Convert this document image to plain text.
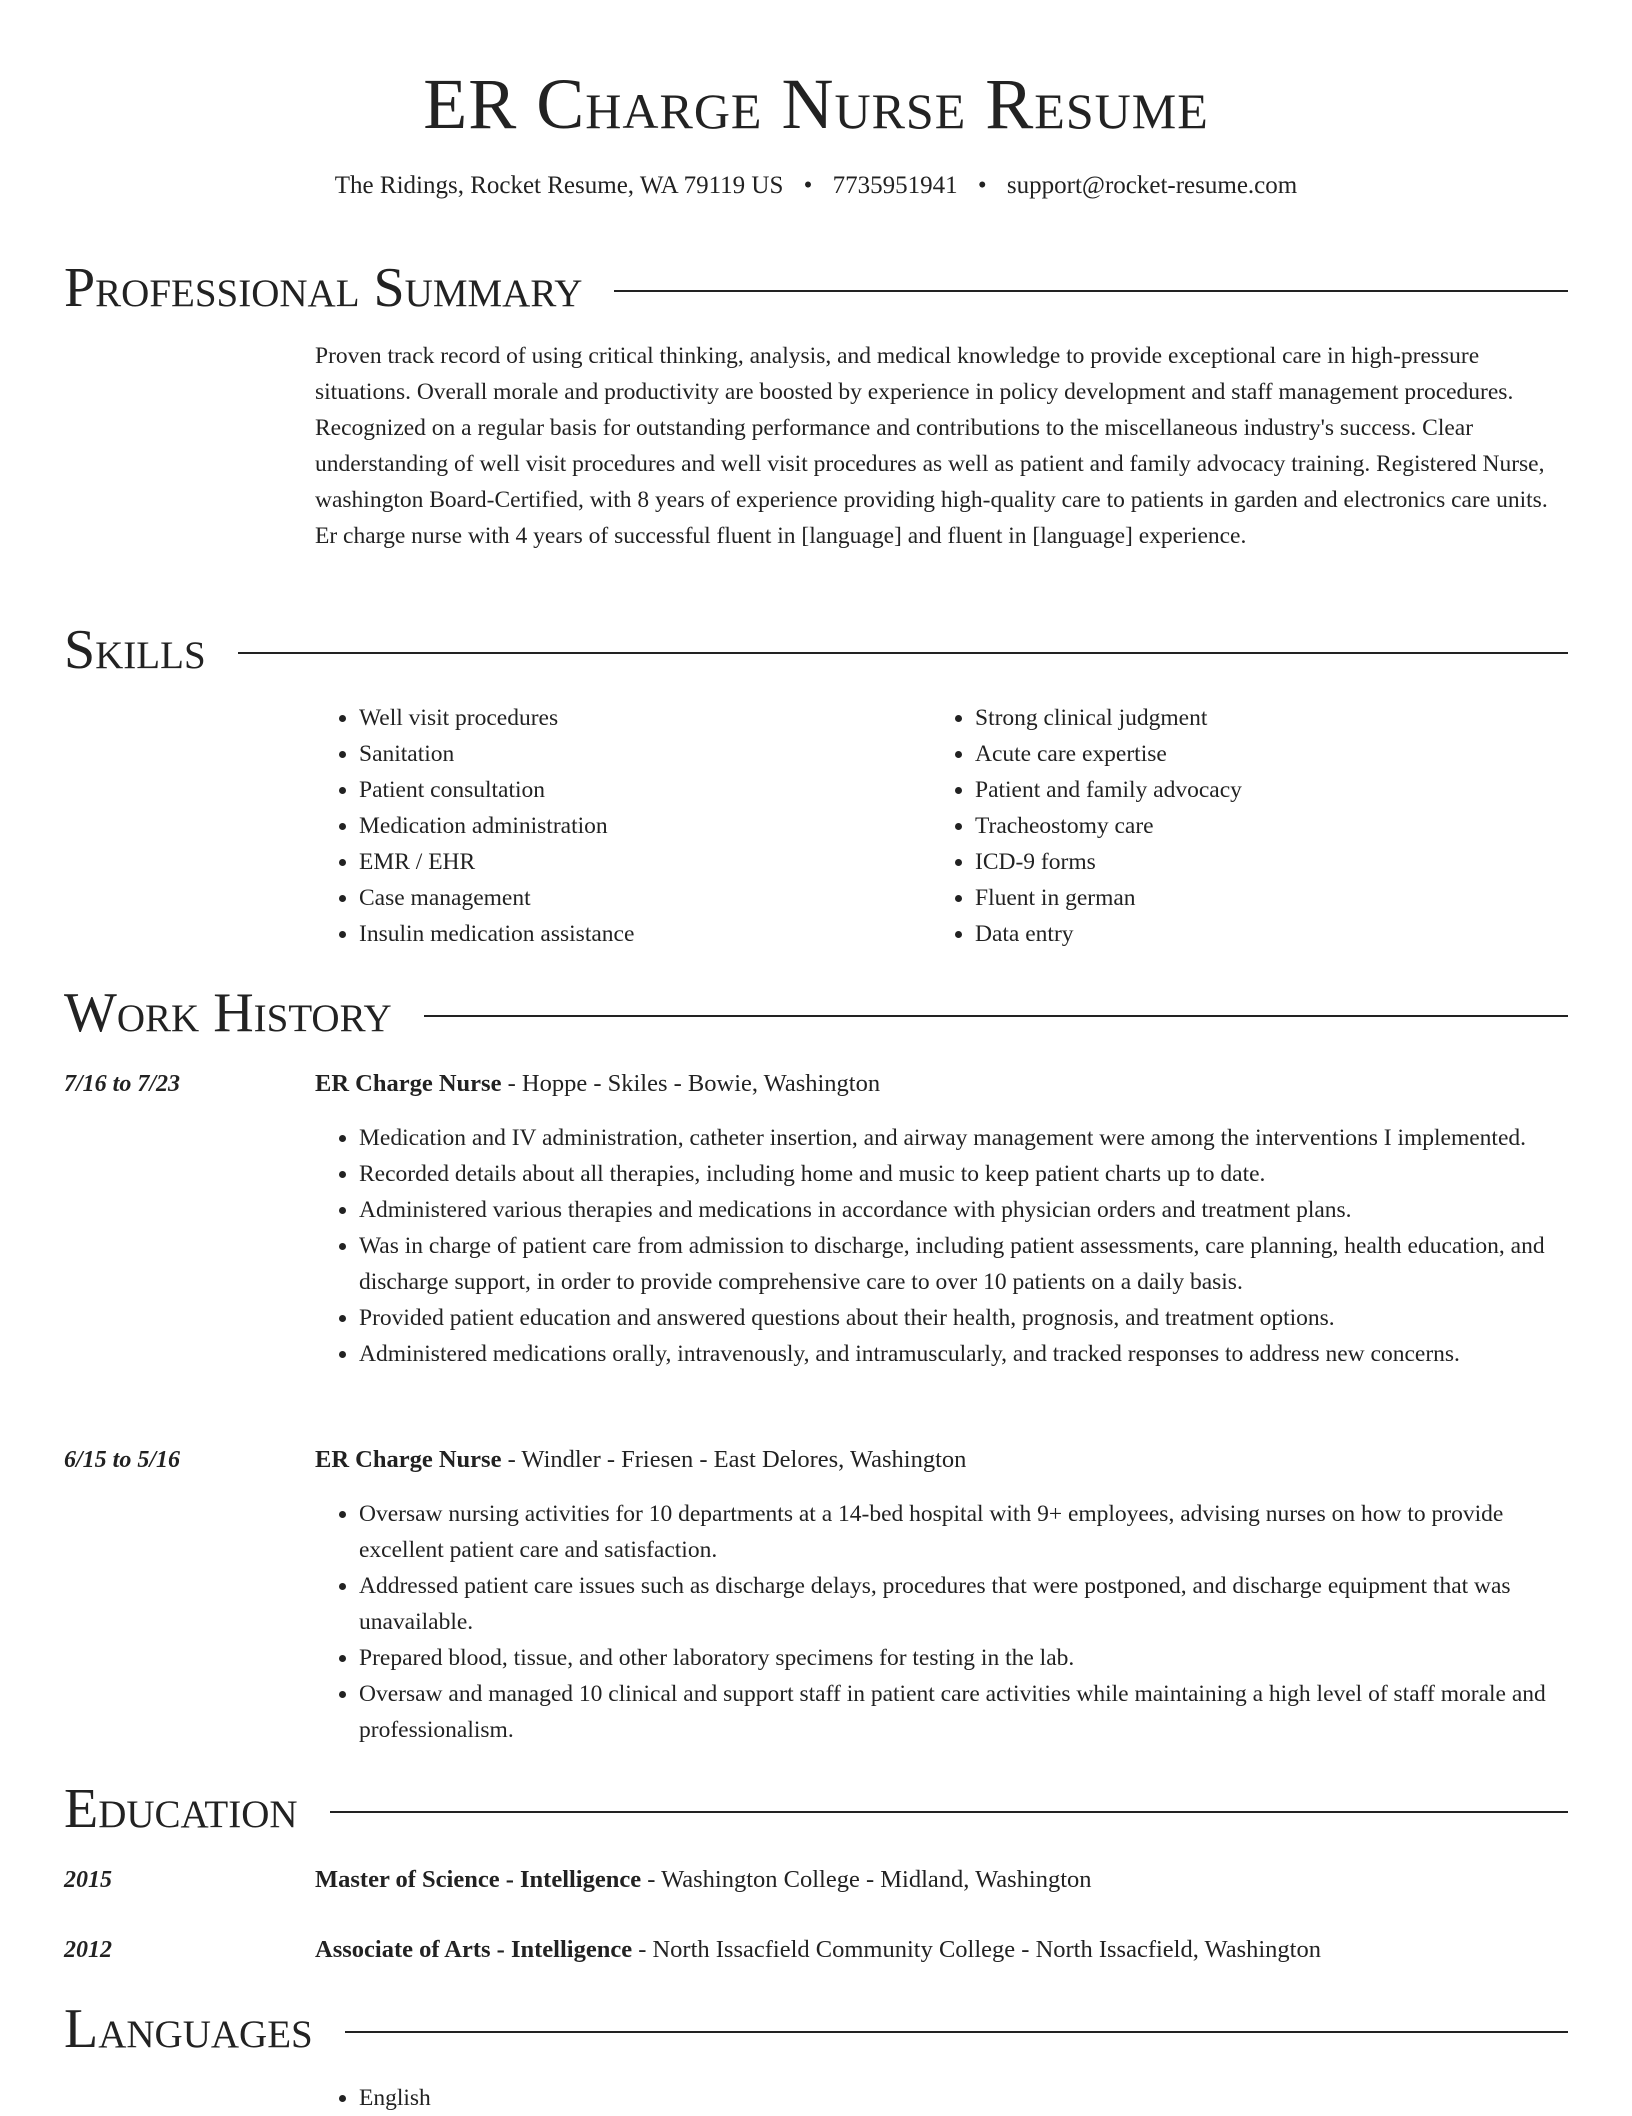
ER Charge Nurse Resume
The Ridings, Rocket Resume, WA 79119 US • 7735951941 • support@rocket-resume.com
Professional Summary

Proven track record of using critical thinking, analysis, and medical knowledge to provide exceptional care in high-pressure situations. Overall morale and productivity are boosted by experience in policy development and staff management procedures. Recognized on a regular basis for outstanding performance and contributions to the miscellaneous industry's success. Clear understanding of well visit procedures and well visit procedures as well as patient and family advocacy training. Registered Nurse, washington Board-Certified, with 8 years of experience providing high-quality care to patients in garden and electronics care units. Er charge nurse with 4 years of successful fluent in [language] and fluent in [language] experience.

Skills
• Well visit procedures
• Sanitation
• Patient consultation
• Medication administration
• EMR / EHR
• Case management
• Insulin medication assistance
• Strong clinical judgment
• Acute care expertise
• Patient and family advocacy
• Tracheostomy care
• ICD-9 forms
• Fluent in german
• Data entry
Work History
7/16 to 7/23	ER Charge Nurse - Hoppe - Skiles - Bowie, Washington
• Medication and IV administration, catheter insertion, and airway management were among the interventions I implemented.
• Recorded details about all therapies, including home and music to keep patient charts up to date.
• Administered various therapies and medications in accordance with physician orders and treatment plans.
• Was in charge of patient care from admission to discharge, including patient assessments, care planning, health education, and discharge support, in order to provide comprehensive care to over 10 patients on a daily basis.
• Provided patient education and answered questions about their health, prognosis, and treatment options.
• Administered medications orally, intravenously, and intramuscularly, and tracked responses to address new concerns.
6/15 to 5/16	ER Charge Nurse - Windler - Friesen - East Delores, Washington
• Oversaw nursing activities for 10 departments at a 14-bed hospital with 9+ employees, advising nurses on how to provide excellent patient care and satisfaction.
• Addressed patient care issues such as discharge delays, procedures that were postponed, and discharge equipment that was unavailable.
• Prepared blood, tissue, and other laboratory specimens for testing in the lab.
• Oversaw and managed 10 clinical and support staff in patient care activities while maintaining a high level of staff morale and professionalism.
Education
2015	Master of Science - Intelligence - Washington College - Midland, Washington
2012	Associate of Arts - Intelligence - North Issacfield Community College - North Issacfield, Washington
Languages
• English
